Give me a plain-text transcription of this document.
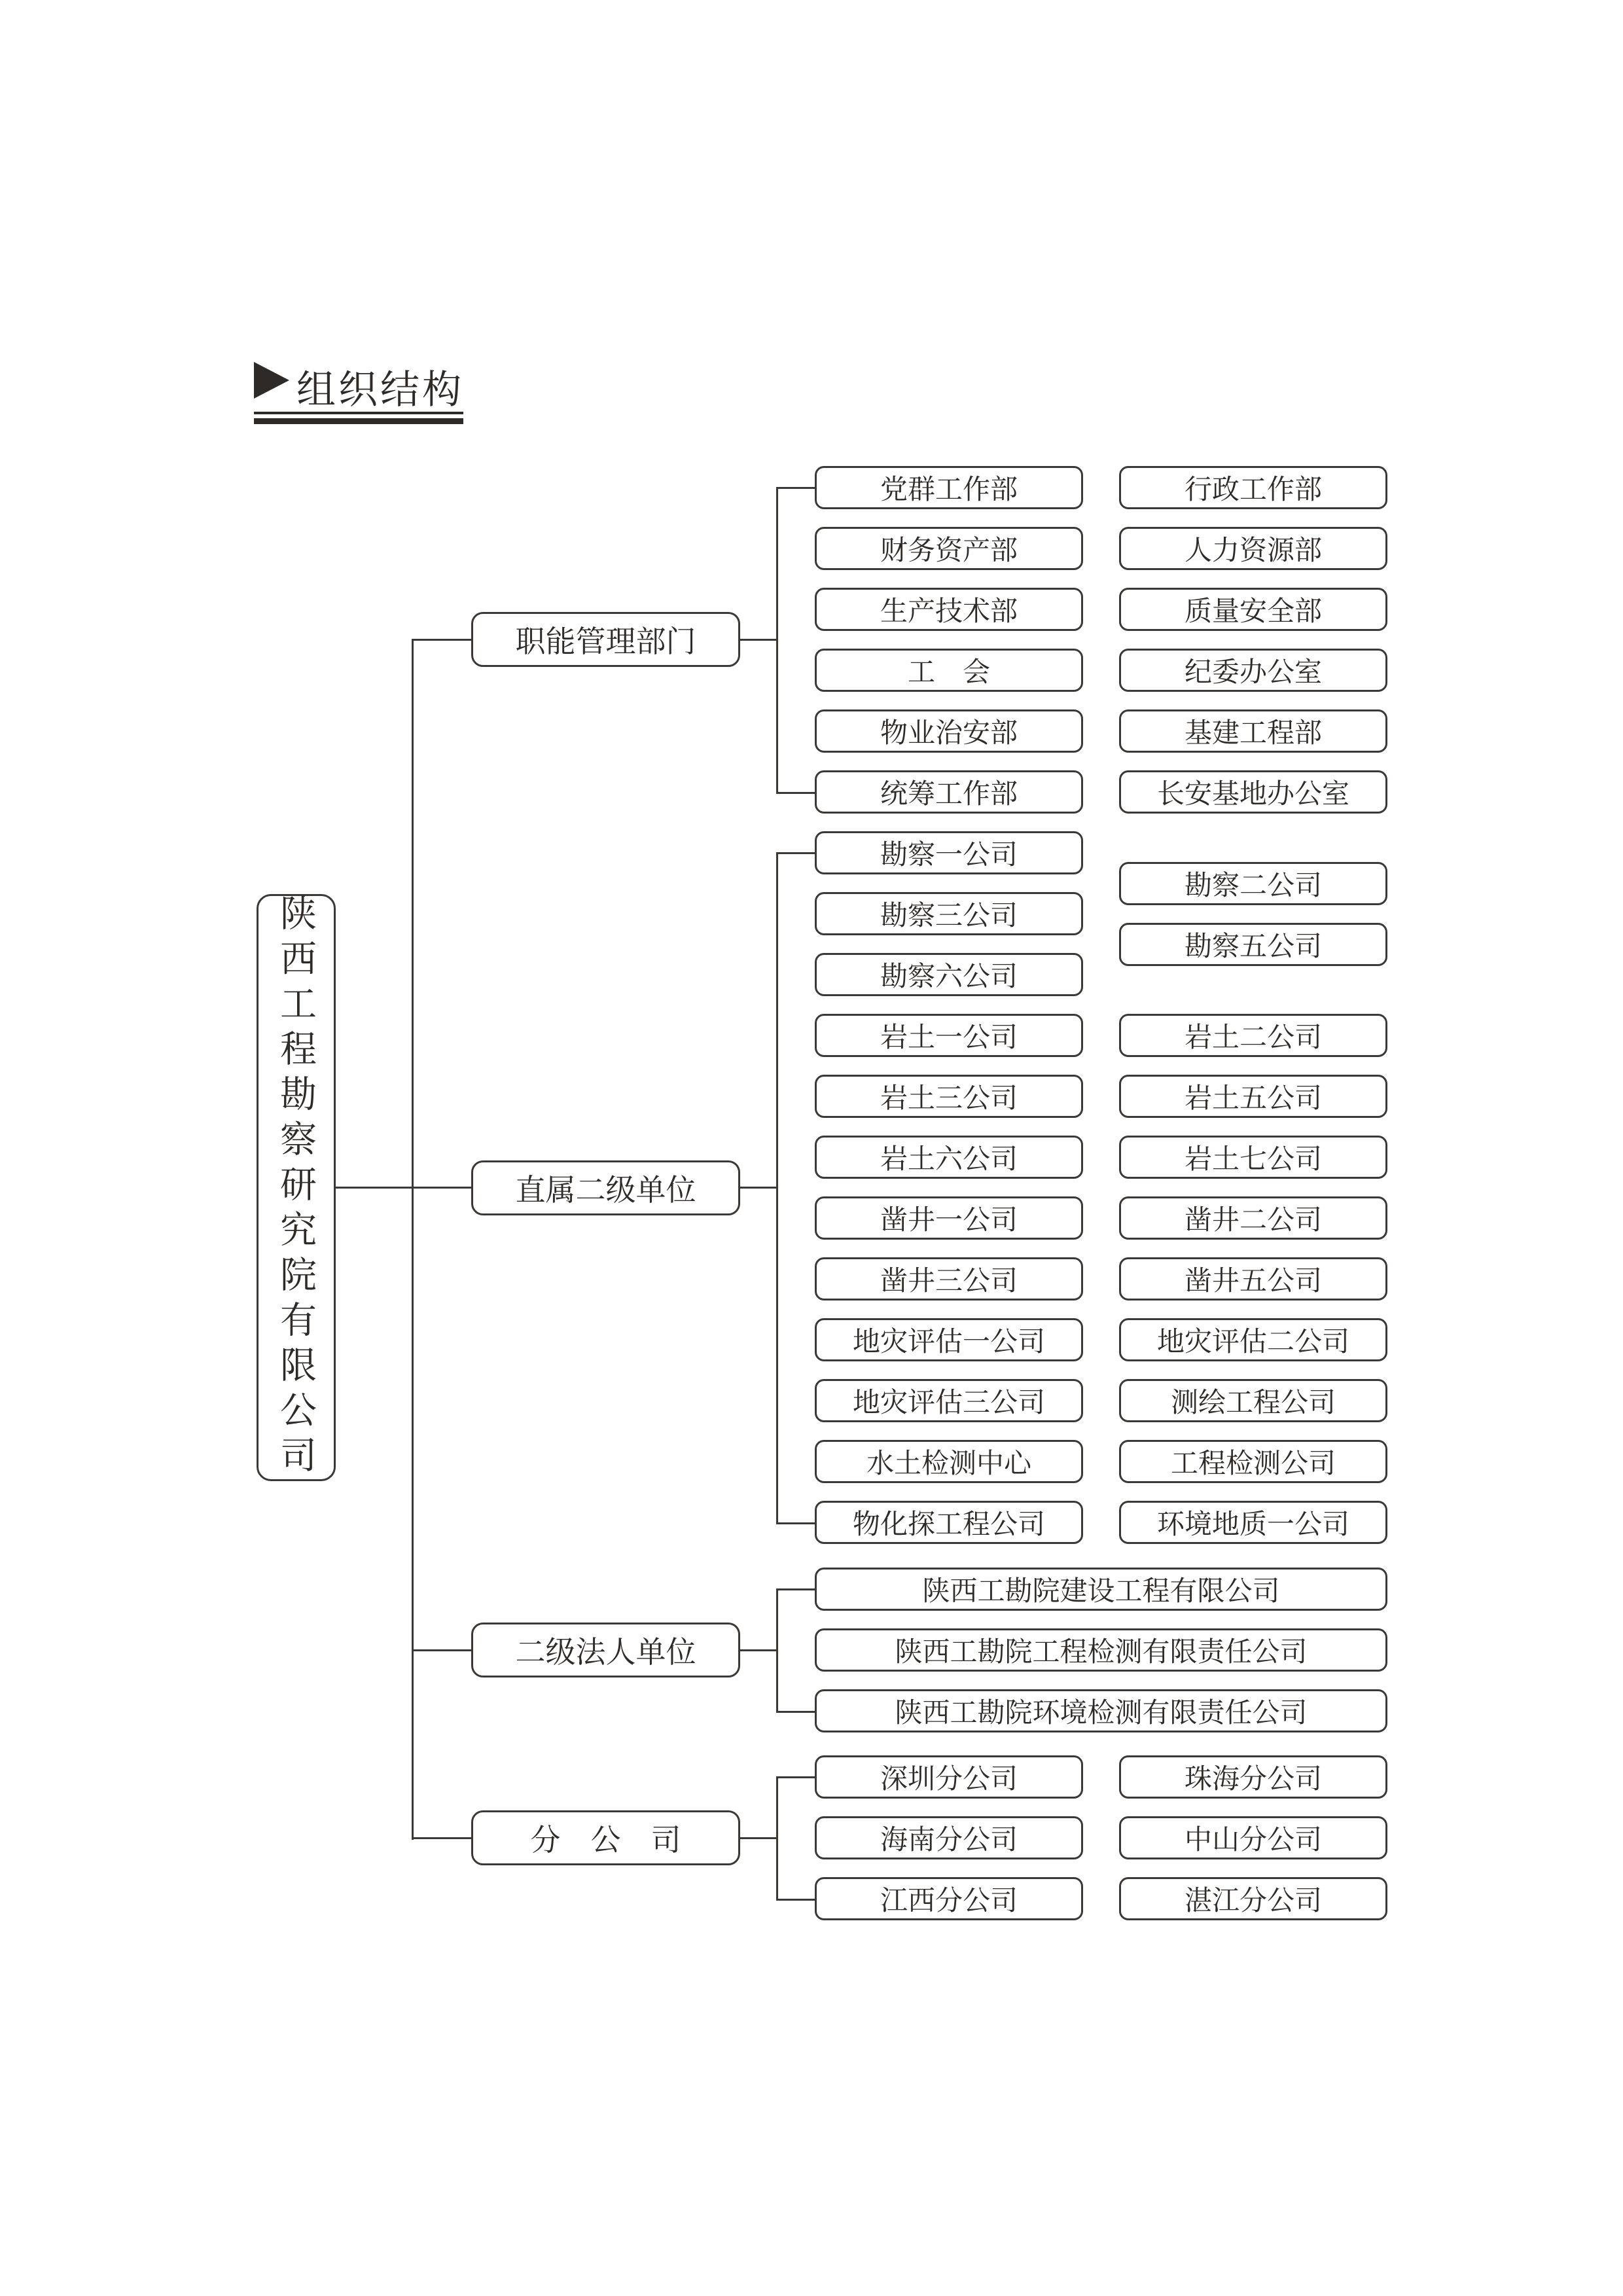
组织结构
陕西工程勘察研究院有限公司
职能管理部门
直属二级单位
二级法人单位
分　公　司
党群工作部
财务资产部
生产技术部
工　会
物业治安部
统筹工作部
行政工作部
人力资源部
质量安全部
纪委办公室
基建工程部
长安基地办公室
勘察一公司
勘察三公司
勘察六公司
岩土一公司
岩土三公司
岩土六公司
凿井一公司
凿井三公司
地灾评估一公司
地灾评估三公司
水土检测中心
物化探工程公司
勘察二公司
勘察五公司
岩土二公司
岩土五公司
岩土七公司
凿井二公司
凿井五公司
地灾评估二公司
测绘工程公司
工程检测公司
环境地质一公司
陕西工勘院建设工程有限公司
陕西工勘院工程检测有限责任公司
陕西工勘院环境检测有限责任公司
深圳分公司
海南分公司
江西分公司
珠海分公司
中山分公司
湛江分公司
